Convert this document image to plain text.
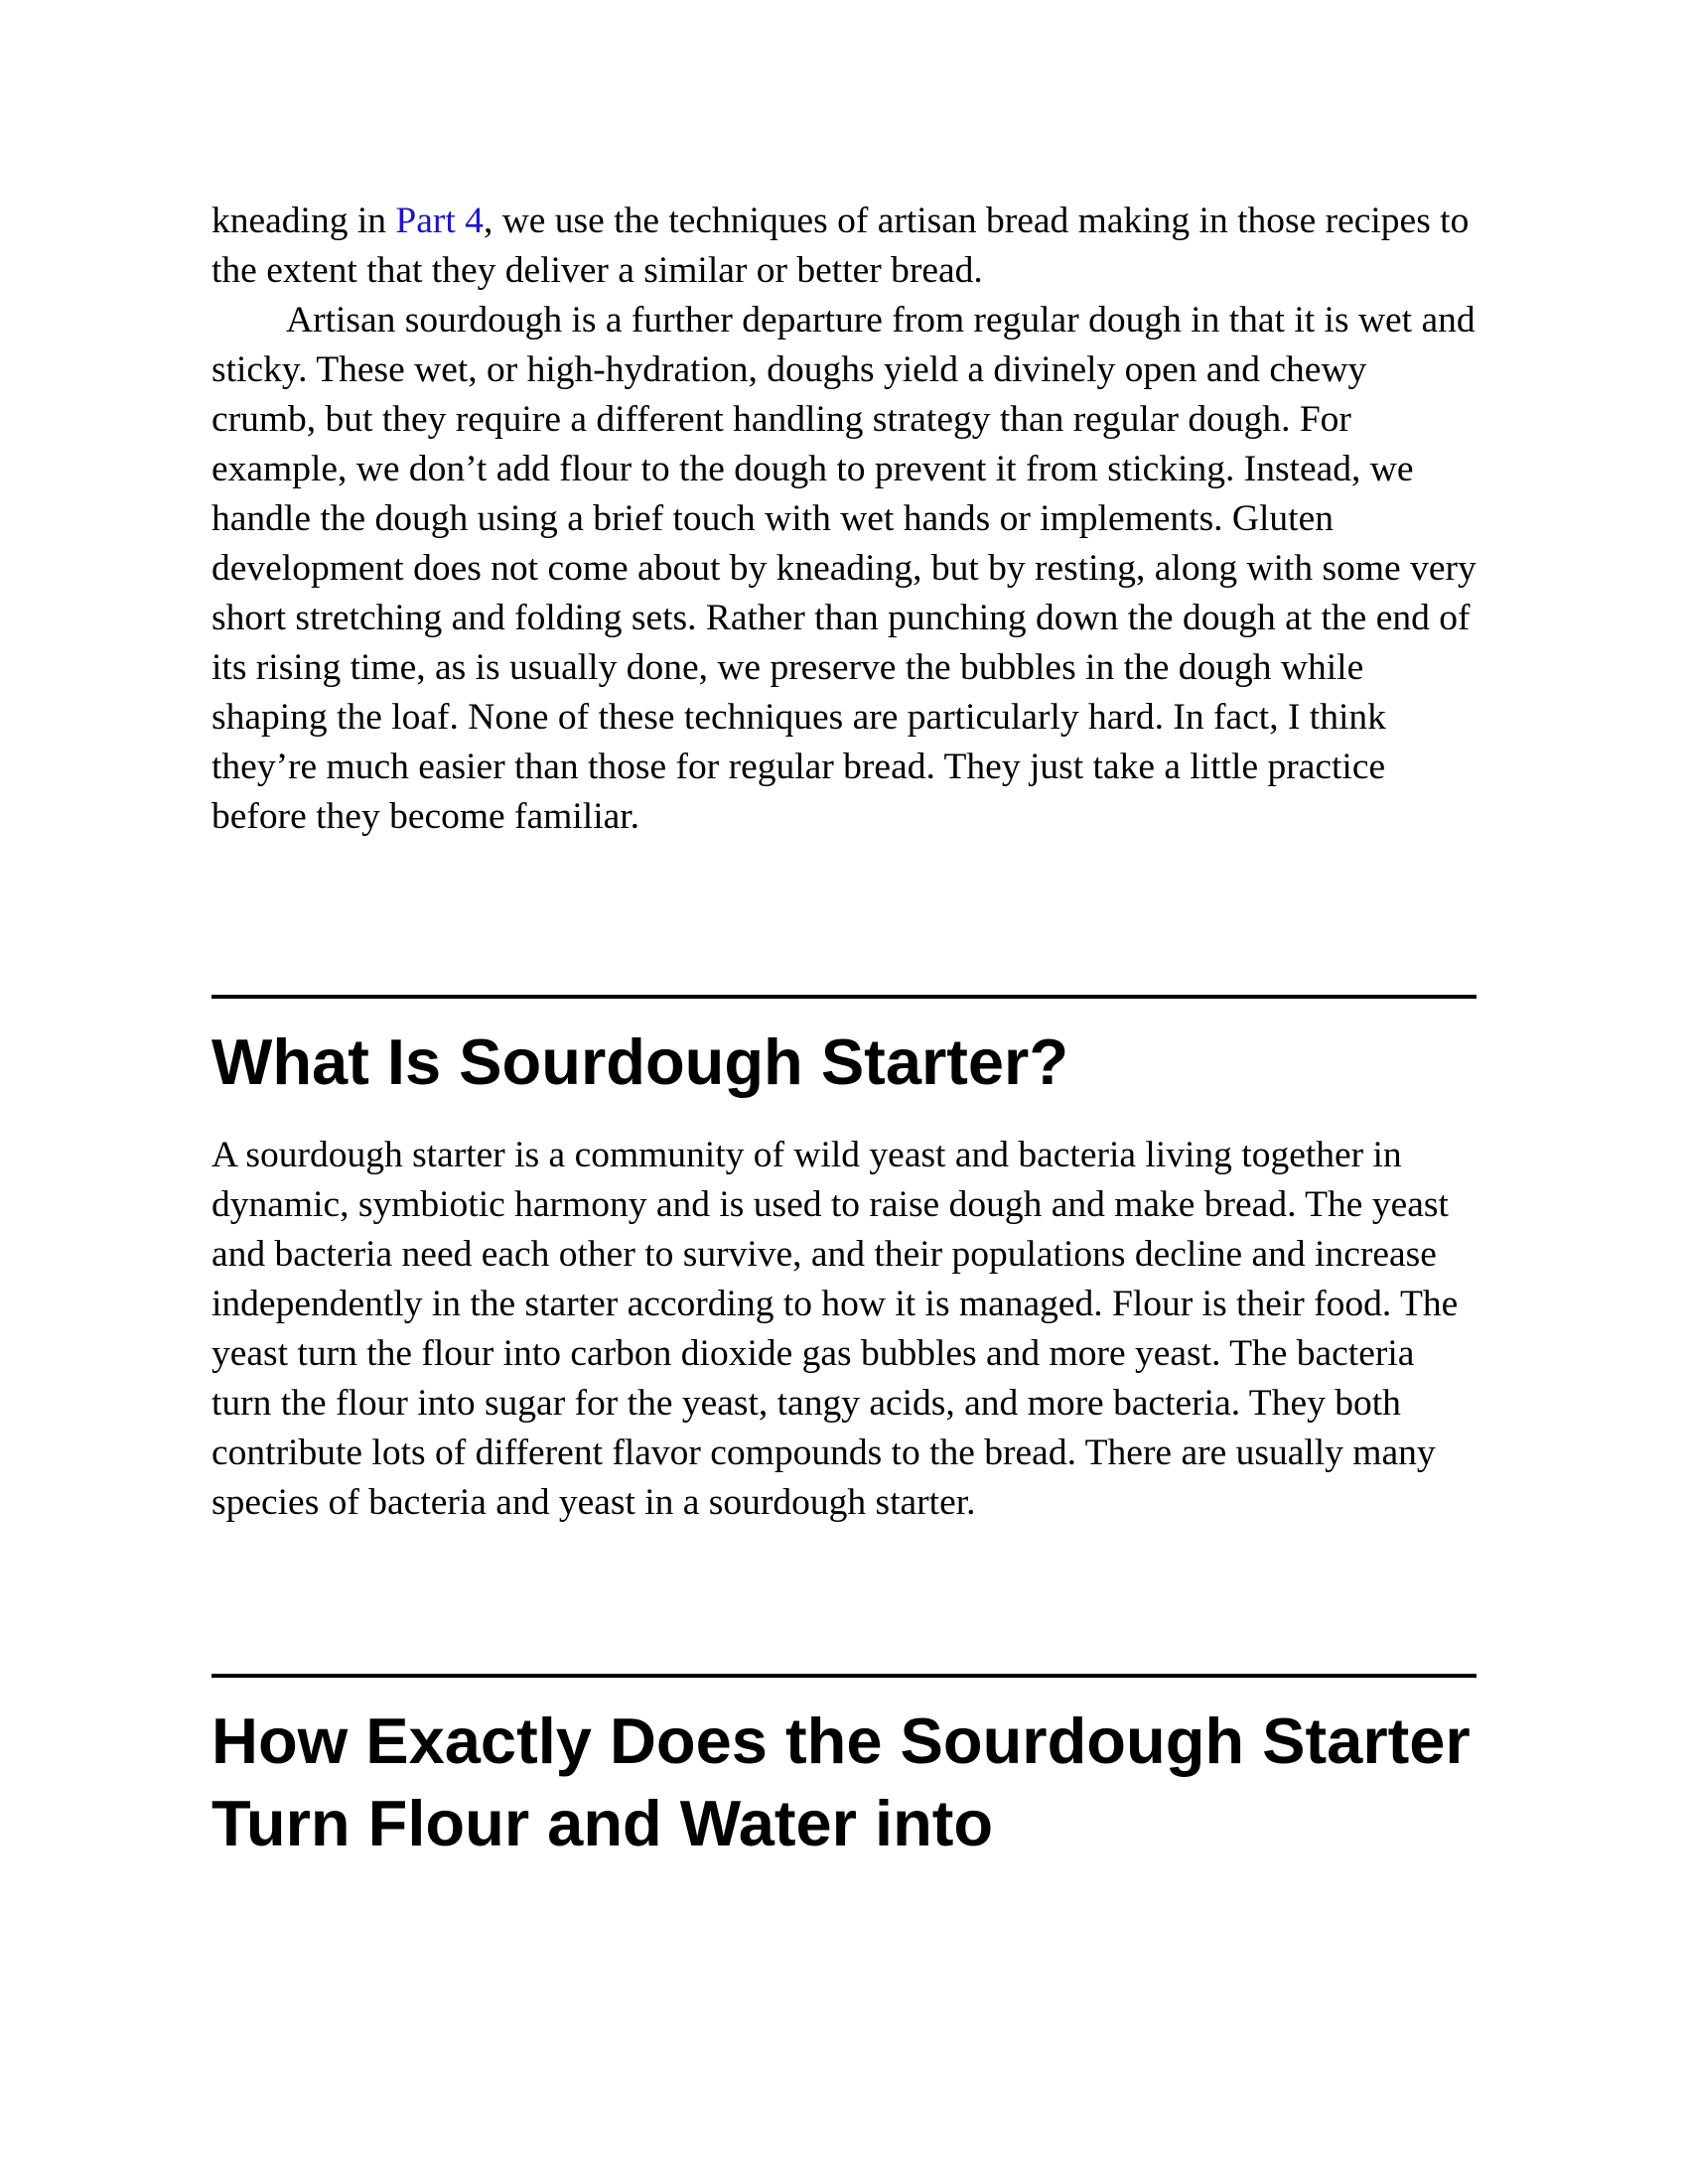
kneading in Part 4, we use the techniques of artisan bread making in those recipes to the extent that they deliver a similar or better bread.

Artisan sourdough is a further departure from regular dough in that it is wet and sticky. These wet, or high-hydration, doughs yield a divinely open and chewy crumb, but they require a different handling strategy than regular dough. For example, we don’t add flour to the dough to prevent it from sticking. Instead, we handle the dough using a brief touch with wet hands or implements. Gluten development does not come about by kneading, but by resting, along with some very short stretching and folding sets. Rather than punching down the dough at the end of its rising time, as is usually done, we preserve the bubbles in the dough while shaping the loaf. None of these techniques are particularly hard. In fact, I think they’re much easier than those for regular bread. They just take a little practice before they become familiar.

What Is Sourdough Starter?

A sourdough starter is a community of wild yeast and bacteria living together in dynamic, symbiotic harmony and is used to raise dough and make bread. The yeast and bacteria need each other to survive, and their populations decline and increase independently in the starter according to how it is managed. Flour is their food. The yeast turn the flour into carbon dioxide gas bubbles and more yeast. The bacteria turn the flour into sugar for the yeast, tangy acids, and more bacteria. They both contribute lots of different flavor compounds to the bread. There are usually many species of bacteria and yeast in a sourdough starter.

How Exactly Does the Sourdough Starter Turn Flour and Water into
